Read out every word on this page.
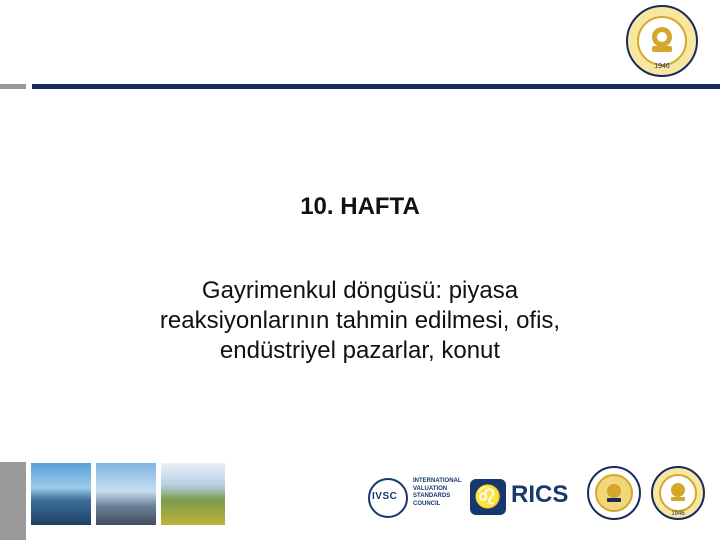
1946
10. HAFTA
Gayrimenkul döngüsü: piyasa
reaksiyonlarının tahmin edilmesi, ofis,
endüstriyel pazarlar, konut
IVSC
INTERNATIONAL
VALUATION
STANDARDS
COUNCIL	♌ RICS
1946
